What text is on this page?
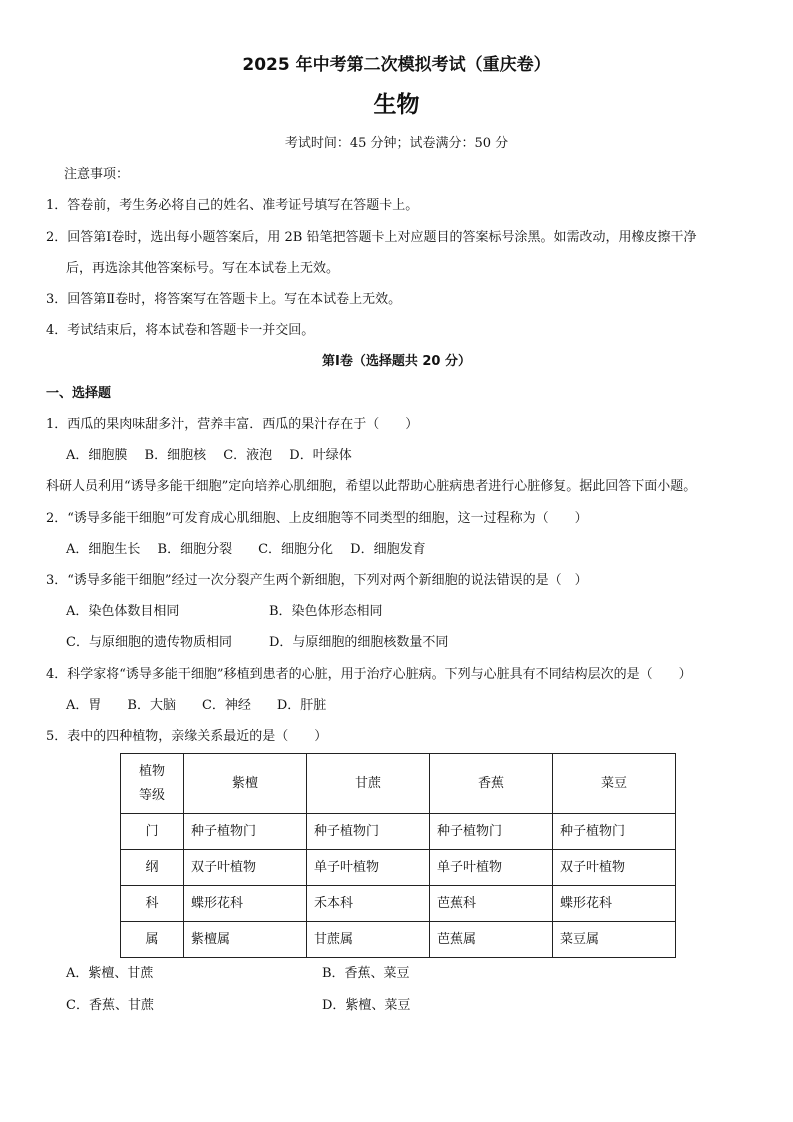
2025 年中考第二次模拟考试（重庆卷）
生物
考试时间：45 分钟；试卷满分：50 分
注意事项：
1．答卷前，考生务必将自己的姓名、准考证号填写在答题卡上。
2．回答第Ⅰ卷时，选出每小题答案后，用 2B 铅笔把答题卡上对应题目的答案标号涂黑。如需改动，用橡皮擦干净
后，再选涂其他答案标号。写在本试卷上无效。
3．回答第Ⅱ卷时，将答案写在答题卡上。写在本试卷上无效。
4．考试结束后，将本试卷和答题卡一并交回。
第Ⅰ卷（选择题共 20 分）
一、选择题
1．西瓜的果肉味甜多汁，营养丰富．西瓜的果汁存在于（　　）
A．细胞膜　 B．细胞核　 C．液泡　 D．叶绿体
科研人员利用“诱导多能干细胞”定向培养心肌细胞，希望以此帮助心脏病患者进行心脏修复。据此回答下面小题。
2．“诱导多能干细胞”可发育成心肌细胞、上皮细胞等不同类型的细胞，这一过程称为（　　）
A．细胞生长　 B．细胞分裂　　C．细胞分化　 D．细胞发育
3．“诱导多能干细胞”经过一次分裂产生两个新细胞，下列对两个新细胞的说法错误的是（　）
A．染色体数目相同	B．染色体形态相同
C．与原细胞的遗传物质相同	D．与原细胞的细胞核数量不同
4．科学家将“诱导多能干细胞”移植到患者的心脏，用于治疗心脏病。下列与心脏具有不同结构层次的是（　　）
A．胃　　B．大脑　　C．神经　　D．肝脏
5．表中的四种植物，亲缘关系最近的是（　　）
植物
等级	紫檀	甘蔗	香蕉	菜豆
门	种子植物门	种子植物门	种子植物门	种子植物门
纲	双子叶植物	单子叶植物	单子叶植物	双子叶植物
科	蝶形花科	禾本科	芭蕉科	蝶形花科
属	紫檀属	甘蔗属	芭蕉属	菜豆属
A．紫檀、甘蔗	B．香蕉、菜豆
C．香蕉、甘蔗	D．紫檀、菜豆
